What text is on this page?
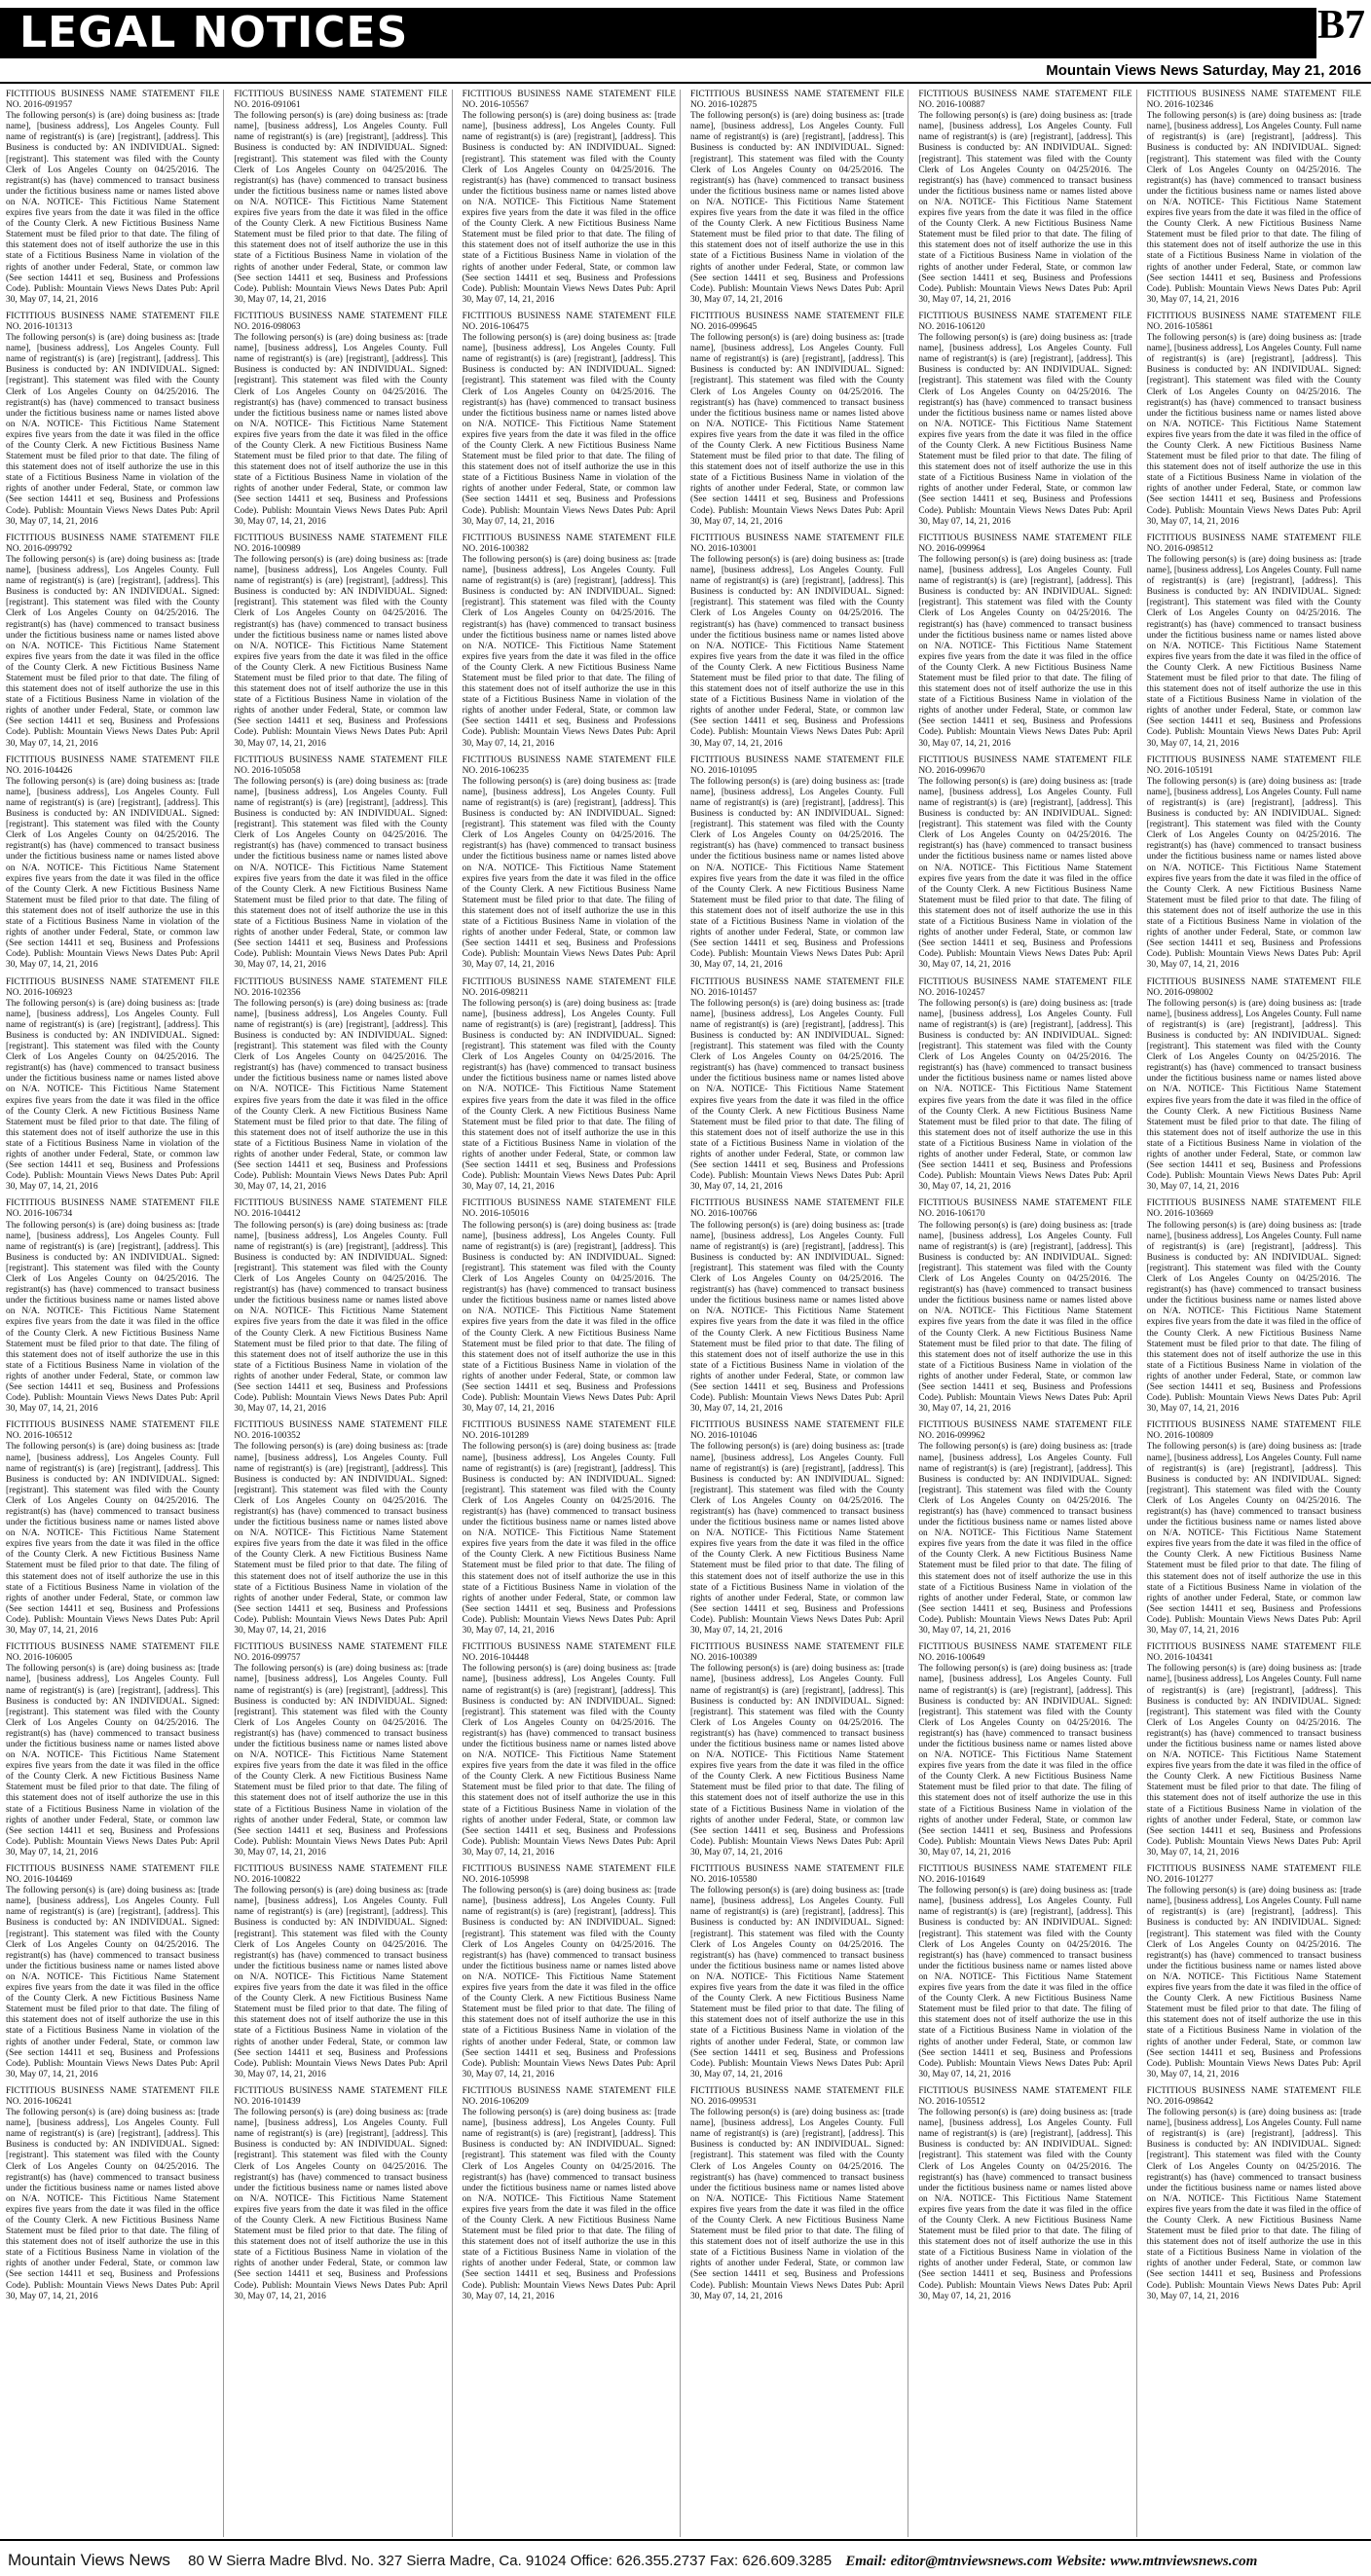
LEGAL NOTICES	B7
Mountain Views News Saturday, May 21, 2016

FICTITIOUS BUSINESS NAME STATEMENT FILE NO. 2016-091957

The following person(s) is (are) doing business as: [trade name], [business address], Los Angeles County. Full name of registrant(s) is (are) [registrant], [address]. This Business is conducted by: AN INDIVIDUAL. Signed: [registrant]. This statement was filed with the County Clerk of Los Angeles County on 04/25/2016. The registrant(s) has (have) commenced to transact business under the fictitious business name or names listed above on N/A. NOTICE- This Fictitious Name Statement expires five years from the date it was filed in the office of the County Clerk. A new Fictitious Business Name Statement must be filed prior to that date. The filing of this statement does not of itself authorize the use in this state of a Fictitious Business Name in violation of the rights of another under Federal, State, or common law (See section 14411 et seq, Business and Professions Code). Publish: Mountain Views News Dates Pub: April 30, May 07, 14, 21, 2016

FICTITIOUS BUSINESS NAME STATEMENT FILE NO. 2016-101313

The following person(s) is (are) doing business as: [trade name], [business address], Los Angeles County. Full name of registrant(s) is (are) [registrant], [address]. This Business is conducted by: AN INDIVIDUAL. Signed: [registrant]. This statement was filed with the County Clerk of Los Angeles County on 04/25/2016. The registrant(s) has (have) commenced to transact business under the fictitious business name or names listed above on N/A. NOTICE- This Fictitious Name Statement expires five years from the date it was filed in the office of the County Clerk. A new Fictitious Business Name Statement must be filed prior to that date. The filing of this statement does not of itself authorize the use in this state of a Fictitious Business Name in violation of the rights of another under Federal, State, or common law (See section 14411 et seq, Business and Professions Code). Publish: Mountain Views News Dates Pub: April 30, May 07, 14, 21, 2016

FICTITIOUS BUSINESS NAME STATEMENT FILE NO. 2016-099792

The following person(s) is (are) doing business as: [trade name], [business address], Los Angeles County. Full name of registrant(s) is (are) [registrant], [address]. This Business is conducted by: AN INDIVIDUAL. Signed: [registrant]. This statement was filed with the County Clerk of Los Angeles County on 04/25/2016. The registrant(s) has (have) commenced to transact business under the fictitious business name or names listed above on N/A. NOTICE- This Fictitious Name Statement expires five years from the date it was filed in the office of the County Clerk. A new Fictitious Business Name Statement must be filed prior to that date. The filing of this statement does not of itself authorize the use in this state of a Fictitious Business Name in violation of the rights of another under Federal, State, or common law (See section 14411 et seq, Business and Professions Code). Publish: Mountain Views News Dates Pub: April 30, May 07, 14, 21, 2016

FICTITIOUS BUSINESS NAME STATEMENT FILE NO. 2016-104426

The following person(s) is (are) doing business as: [trade name], [business address], Los Angeles County. Full name of registrant(s) is (are) [registrant], [address]. This Business is conducted by: AN INDIVIDUAL. Signed: [registrant]. This statement was filed with the County Clerk of Los Angeles County on 04/25/2016. The registrant(s) has (have) commenced to transact business under the fictitious business name or names listed above on N/A. NOTICE- This Fictitious Name Statement expires five years from the date it was filed in the office of the County Clerk. A new Fictitious Business Name Statement must be filed prior to that date. The filing of this statement does not of itself authorize the use in this state of a Fictitious Business Name in violation of the rights of another under Federal, State, or common law (See section 14411 et seq, Business and Professions Code). Publish: Mountain Views News Dates Pub: April 30, May 07, 14, 21, 2016

FICTITIOUS BUSINESS NAME STATEMENT FILE NO. 2016-106923

The following person(s) is (are) doing business as: [trade name], [business address], Los Angeles County. Full name of registrant(s) is (are) [registrant], [address]. This Business is conducted by: AN INDIVIDUAL. Signed: [registrant]. This statement was filed with the County Clerk of Los Angeles County on 04/25/2016. The registrant(s) has (have) commenced to transact business under the fictitious business name or names listed above on N/A. NOTICE- This Fictitious Name Statement expires five years from the date it was filed in the office of the County Clerk. A new Fictitious Business Name Statement must be filed prior to that date. The filing of this statement does not of itself authorize the use in this state of a Fictitious Business Name in violation of the rights of another under Federal, State, or common law (See section 14411 et seq, Business and Professions Code). Publish: Mountain Views News Dates Pub: April 30, May 07, 14, 21, 2016

FICTITIOUS BUSINESS NAME STATEMENT FILE NO. 2016-106734

The following person(s) is (are) doing business as: [trade name], [business address], Los Angeles County. Full name of registrant(s) is (are) [registrant], [address]. This Business is conducted by: AN INDIVIDUAL. Signed: [registrant]. This statement was filed with the County Clerk of Los Angeles County on 04/25/2016. The registrant(s) has (have) commenced to transact business under the fictitious business name or names listed above on N/A. NOTICE- This Fictitious Name Statement expires five years from the date it was filed in the office of the County Clerk. A new Fictitious Business Name Statement must be filed prior to that date. The filing of this statement does not of itself authorize the use in this state of a Fictitious Business Name in violation of the rights of another under Federal, State, or common law (See section 14411 et seq, Business and Professions Code). Publish: Mountain Views News Dates Pub: April 30, May 07, 14, 21, 2016

FICTITIOUS BUSINESS NAME STATEMENT FILE NO. 2016-106512

The following person(s) is (are) doing business as: [trade name], [business address], Los Angeles County. Full name of registrant(s) is (are) [registrant], [address]. This Business is conducted by: AN INDIVIDUAL. Signed: [registrant]. This statement was filed with the County Clerk of Los Angeles County on 04/25/2016. The registrant(s) has (have) commenced to transact business under the fictitious business name or names listed above on N/A. NOTICE- This Fictitious Name Statement expires five years from the date it was filed in the office of the County Clerk. A new Fictitious Business Name Statement must be filed prior to that date. The filing of this statement does not of itself authorize the use in this state of a Fictitious Business Name in violation of the rights of another under Federal, State, or common law (See section 14411 et seq, Business and Professions Code). Publish: Mountain Views News Dates Pub: April 30, May 07, 14, 21, 2016

FICTITIOUS BUSINESS NAME STATEMENT FILE NO. 2016-106005

The following person(s) is (are) doing business as: [trade name], [business address], Los Angeles County. Full name of registrant(s) is (are) [registrant], [address]. This Business is conducted by: AN INDIVIDUAL. Signed: [registrant]. This statement was filed with the County Clerk of Los Angeles County on 04/25/2016. The registrant(s) has (have) commenced to transact business under the fictitious business name or names listed above on N/A. NOTICE- This Fictitious Name Statement expires five years from the date it was filed in the office of the County Clerk. A new Fictitious Business Name Statement must be filed prior to that date. The filing of this statement does not of itself authorize the use in this state of a Fictitious Business Name in violation of the rights of another under Federal, State, or common law (See section 14411 et seq, Business and Professions Code). Publish: Mountain Views News Dates Pub: April 30, May 07, 14, 21, 2016

FICTITIOUS BUSINESS NAME STATEMENT FILE NO. 2016-104469

The following person(s) is (are) doing business as: [trade name], [business address], Los Angeles County. Full name of registrant(s) is (are) [registrant], [address]. This Business is conducted by: AN INDIVIDUAL. Signed: [registrant]. This statement was filed with the County Clerk of Los Angeles County on 04/25/2016. The registrant(s) has (have) commenced to transact business under the fictitious business name or names listed above on N/A. NOTICE- This Fictitious Name Statement expires five years from the date it was filed in the office of the County Clerk. A new Fictitious Business Name Statement must be filed prior to that date. The filing of this statement does not of itself authorize the use in this state of a Fictitious Business Name in violation of the rights of another under Federal, State, or common law (See section 14411 et seq, Business and Professions Code). Publish: Mountain Views News Dates Pub: April 30, May 07, 14, 21, 2016

FICTITIOUS BUSINESS NAME STATEMENT FILE NO. 2016-106241

The following person(s) is (are) doing business as: [trade name], [business address], Los Angeles County. Full name of registrant(s) is (are) [registrant], [address]. This Business is conducted by: AN INDIVIDUAL. Signed: [registrant]. This statement was filed with the County Clerk of Los Angeles County on 04/25/2016. The registrant(s) has (have) commenced to transact business under the fictitious business name or names listed above on N/A. NOTICE- This Fictitious Name Statement expires five years from the date it was filed in the office of the County Clerk. A new Fictitious Business Name Statement must be filed prior to that date. The filing of this statement does not of itself authorize the use in this state of a Fictitious Business Name in violation of the rights of another under Federal, State, or common law (See section 14411 et seq, Business and Professions Code). Publish: Mountain Views News Dates Pub: April 30, May 07, 14, 21, 2016

FICTITIOUS BUSINESS NAME STATEMENT FILE NO. 2016-091061

The following person(s) is (are) doing business as: [trade name], [business address], Los Angeles County. Full name of registrant(s) is (are) [registrant], [address]. This Business is conducted by: AN INDIVIDUAL. Signed: [registrant]. This statement was filed with the County Clerk of Los Angeles County on 04/25/2016. The registrant(s) has (have) commenced to transact business under the fictitious business name or names listed above on N/A. NOTICE- This Fictitious Name Statement expires five years from the date it was filed in the office of the County Clerk. A new Fictitious Business Name Statement must be filed prior to that date. The filing of this statement does not of itself authorize the use in this state of a Fictitious Business Name in violation of the rights of another under Federal, State, or common law (See section 14411 et seq, Business and Professions Code). Publish: Mountain Views News Dates Pub: April 30, May 07, 14, 21, 2016

FICTITIOUS BUSINESS NAME STATEMENT FILE NO. 2016-098063

The following person(s) is (are) doing business as: [trade name], [business address], Los Angeles County. Full name of registrant(s) is (are) [registrant], [address]. This Business is conducted by: AN INDIVIDUAL. Signed: [registrant]. This statement was filed with the County Clerk of Los Angeles County on 04/25/2016. The registrant(s) has (have) commenced to transact business under the fictitious business name or names listed above on N/A. NOTICE- This Fictitious Name Statement expires five years from the date it was filed in the office of the County Clerk. A new Fictitious Business Name Statement must be filed prior to that date. The filing of this statement does not of itself authorize the use in this state of a Fictitious Business Name in violation of the rights of another under Federal, State, or common law (See section 14411 et seq, Business and Professions Code). Publish: Mountain Views News Dates Pub: April 30, May 07, 14, 21, 2016

FICTITIOUS BUSINESS NAME STATEMENT FILE NO. 2016-100989

The following person(s) is (are) doing business as: [trade name], [business address], Los Angeles County. Full name of registrant(s) is (are) [registrant], [address]. This Business is conducted by: AN INDIVIDUAL. Signed: [registrant]. This statement was filed with the County Clerk of Los Angeles County on 04/25/2016. The registrant(s) has (have) commenced to transact business under the fictitious business name or names listed above on N/A. NOTICE- This Fictitious Name Statement expires five years from the date it was filed in the office of the County Clerk. A new Fictitious Business Name Statement must be filed prior to that date. The filing of this statement does not of itself authorize the use in this state of a Fictitious Business Name in violation of the rights of another under Federal, State, or common law (See section 14411 et seq, Business and Professions Code). Publish: Mountain Views News Dates Pub: April 30, May 07, 14, 21, 2016

FICTITIOUS BUSINESS NAME STATEMENT FILE NO. 2016-105058

The following person(s) is (are) doing business as: [trade name], [business address], Los Angeles County. Full name of registrant(s) is (are) [registrant], [address]. This Business is conducted by: AN INDIVIDUAL. Signed: [registrant]. This statement was filed with the County Clerk of Los Angeles County on 04/25/2016. The registrant(s) has (have) commenced to transact business under the fictitious business name or names listed above on N/A. NOTICE- This Fictitious Name Statement expires five years from the date it was filed in the office of the County Clerk. A new Fictitious Business Name Statement must be filed prior to that date. The filing of this statement does not of itself authorize the use in this state of a Fictitious Business Name in violation of the rights of another under Federal, State, or common law (See section 14411 et seq, Business and Professions Code). Publish: Mountain Views News Dates Pub: April 30, May 07, 14, 21, 2016

FICTITIOUS BUSINESS NAME STATEMENT FILE NO. 2016-102356

The following person(s) is (are) doing business as: [trade name], [business address], Los Angeles County. Full name of registrant(s) is (are) [registrant], [address]. This Business is conducted by: AN INDIVIDUAL. Signed: [registrant]. This statement was filed with the County Clerk of Los Angeles County on 04/25/2016. The registrant(s) has (have) commenced to transact business under the fictitious business name or names listed above on N/A. NOTICE- This Fictitious Name Statement expires five years from the date it was filed in the office of the County Clerk. A new Fictitious Business Name Statement must be filed prior to that date. The filing of this statement does not of itself authorize the use in this state of a Fictitious Business Name in violation of the rights of another under Federal, State, or common law (See section 14411 et seq, Business and Professions Code). Publish: Mountain Views News Dates Pub: April 30, May 07, 14, 21, 2016

FICTITIOUS BUSINESS NAME STATEMENT FILE NO. 2016-104412

The following person(s) is (are) doing business as: [trade name], [business address], Los Angeles County. Full name of registrant(s) is (are) [registrant], [address]. This Business is conducted by: AN INDIVIDUAL. Signed: [registrant]. This statement was filed with the County Clerk of Los Angeles County on 04/25/2016. The registrant(s) has (have) commenced to transact business under the fictitious business name or names listed above on N/A. NOTICE- This Fictitious Name Statement expires five years from the date it was filed in the office of the County Clerk. A new Fictitious Business Name Statement must be filed prior to that date. The filing of this statement does not of itself authorize the use in this state of a Fictitious Business Name in violation of the rights of another under Federal, State, or common law (See section 14411 et seq, Business and Professions Code). Publish: Mountain Views News Dates Pub: April 30, May 07, 14, 21, 2016

FICTITIOUS BUSINESS NAME STATEMENT FILE NO. 2016-100352

The following person(s) is (are) doing business as: [trade name], [business address], Los Angeles County. Full name of registrant(s) is (are) [registrant], [address]. This Business is conducted by: AN INDIVIDUAL. Signed: [registrant]. This statement was filed with the County Clerk of Los Angeles County on 04/25/2016. The registrant(s) has (have) commenced to transact business under the fictitious business name or names listed above on N/A. NOTICE- This Fictitious Name Statement expires five years from the date it was filed in the office of the County Clerk. A new Fictitious Business Name Statement must be filed prior to that date. The filing of this statement does not of itself authorize the use in this state of a Fictitious Business Name in violation of the rights of another under Federal, State, or common law (See section 14411 et seq, Business and Professions Code). Publish: Mountain Views News Dates Pub: April 30, May 07, 14, 21, 2016

FICTITIOUS BUSINESS NAME STATEMENT FILE NO. 2016-099757

The following person(s) is (are) doing business as: [trade name], [business address], Los Angeles County. Full name of registrant(s) is (are) [registrant], [address]. This Business is conducted by: AN INDIVIDUAL. Signed: [registrant]. This statement was filed with the County Clerk of Los Angeles County on 04/25/2016. The registrant(s) has (have) commenced to transact business under the fictitious business name or names listed above on N/A. NOTICE- This Fictitious Name Statement expires five years from the date it was filed in the office of the County Clerk. A new Fictitious Business Name Statement must be filed prior to that date. The filing of this statement does not of itself authorize the use in this state of a Fictitious Business Name in violation of the rights of another under Federal, State, or common law (See section 14411 et seq, Business and Professions Code). Publish: Mountain Views News Dates Pub: April 30, May 07, 14, 21, 2016

FICTITIOUS BUSINESS NAME STATEMENT FILE NO. 2016-100822

The following person(s) is (are) doing business as: [trade name], [business address], Los Angeles County. Full name of registrant(s) is (are) [registrant], [address]. This Business is conducted by: AN INDIVIDUAL. Signed: [registrant]. This statement was filed with the County Clerk of Los Angeles County on 04/25/2016. The registrant(s) has (have) commenced to transact business under the fictitious business name or names listed above on N/A. NOTICE- This Fictitious Name Statement expires five years from the date it was filed in the office of the County Clerk. A new Fictitious Business Name Statement must be filed prior to that date. The filing of this statement does not of itself authorize the use in this state of a Fictitious Business Name in violation of the rights of another under Federal, State, or common law (See section 14411 et seq, Business and Professions Code). Publish: Mountain Views News Dates Pub: April 30, May 07, 14, 21, 2016

FICTITIOUS BUSINESS NAME STATEMENT FILE NO. 2016-101439

The following person(s) is (are) doing business as: [trade name], [business address], Los Angeles County. Full name of registrant(s) is (are) [registrant], [address]. This Business is conducted by: AN INDIVIDUAL. Signed: [registrant]. This statement was filed with the County Clerk of Los Angeles County on 04/25/2016. The registrant(s) has (have) commenced to transact business under the fictitious business name or names listed above on N/A. NOTICE- This Fictitious Name Statement expires five years from the date it was filed in the office of the County Clerk. A new Fictitious Business Name Statement must be filed prior to that date. The filing of this statement does not of itself authorize the use in this state of a Fictitious Business Name in violation of the rights of another under Federal, State, or common law (See section 14411 et seq, Business and Professions Code). Publish: Mountain Views News Dates Pub: April 30, May 07, 14, 21, 2016

FICTITIOUS BUSINESS NAME STATEMENT FILE NO. 2016-105567

The following person(s) is (are) doing business as: [trade name], [business address], Los Angeles County. Full name of registrant(s) is (are) [registrant], [address]. This Business is conducted by: AN INDIVIDUAL. Signed: [registrant]. This statement was filed with the County Clerk of Los Angeles County on 04/25/2016. The registrant(s) has (have) commenced to transact business under the fictitious business name or names listed above on N/A. NOTICE- This Fictitious Name Statement expires five years from the date it was filed in the office of the County Clerk. A new Fictitious Business Name Statement must be filed prior to that date. The filing of this statement does not of itself authorize the use in this state of a Fictitious Business Name in violation of the rights of another under Federal, State, or common law (See section 14411 et seq, Business and Professions Code). Publish: Mountain Views News Dates Pub: April 30, May 07, 14, 21, 2016

FICTITIOUS BUSINESS NAME STATEMENT FILE NO. 2016-106475

The following person(s) is (are) doing business as: [trade name], [business address], Los Angeles County. Full name of registrant(s) is (are) [registrant], [address]. This Business is conducted by: AN INDIVIDUAL. Signed: [registrant]. This statement was filed with the County Clerk of Los Angeles County on 04/25/2016. The registrant(s) has (have) commenced to transact business under the fictitious business name or names listed above on N/A. NOTICE- This Fictitious Name Statement expires five years from the date it was filed in the office of the County Clerk. A new Fictitious Business Name Statement must be filed prior to that date. The filing of this statement does not of itself authorize the use in this state of a Fictitious Business Name in violation of the rights of another under Federal, State, or common law (See section 14411 et seq, Business and Professions Code). Publish: Mountain Views News Dates Pub: April 30, May 07, 14, 21, 2016

FICTITIOUS BUSINESS NAME STATEMENT FILE NO. 2016-100382

The following person(s) is (are) doing business as: [trade name], [business address], Los Angeles County. Full name of registrant(s) is (are) [registrant], [address]. This Business is conducted by: AN INDIVIDUAL. Signed: [registrant]. This statement was filed with the County Clerk of Los Angeles County on 04/25/2016. The registrant(s) has (have) commenced to transact business under the fictitious business name or names listed above on N/A. NOTICE- This Fictitious Name Statement expires five years from the date it was filed in the office of the County Clerk. A new Fictitious Business Name Statement must be filed prior to that date. The filing of this statement does not of itself authorize the use in this state of a Fictitious Business Name in violation of the rights of another under Federal, State, or common law (See section 14411 et seq, Business and Professions Code). Publish: Mountain Views News Dates Pub: April 30, May 07, 14, 21, 2016

FICTITIOUS BUSINESS NAME STATEMENT FILE NO. 2016-106235

The following person(s) is (are) doing business as: [trade name], [business address], Los Angeles County. Full name of registrant(s) is (are) [registrant], [address]. This Business is conducted by: AN INDIVIDUAL. Signed: [registrant]. This statement was filed with the County Clerk of Los Angeles County on 04/25/2016. The registrant(s) has (have) commenced to transact business under the fictitious business name or names listed above on N/A. NOTICE- This Fictitious Name Statement expires five years from the date it was filed in the office of the County Clerk. A new Fictitious Business Name Statement must be filed prior to that date. The filing of this statement does not of itself authorize the use in this state of a Fictitious Business Name in violation of the rights of another under Federal, State, or common law (See section 14411 et seq, Business and Professions Code). Publish: Mountain Views News Dates Pub: April 30, May 07, 14, 21, 2016

FICTITIOUS BUSINESS NAME STATEMENT FILE NO. 2016-098211

The following person(s) is (are) doing business as: [trade name], [business address], Los Angeles County. Full name of registrant(s) is (are) [registrant], [address]. This Business is conducted by: AN INDIVIDUAL. Signed: [registrant]. This statement was filed with the County Clerk of Los Angeles County on 04/25/2016. The registrant(s) has (have) commenced to transact business under the fictitious business name or names listed above on N/A. NOTICE- This Fictitious Name Statement expires five years from the date it was filed in the office of the County Clerk. A new Fictitious Business Name Statement must be filed prior to that date. The filing of this statement does not of itself authorize the use in this state of a Fictitious Business Name in violation of the rights of another under Federal, State, or common law (See section 14411 et seq, Business and Professions Code). Publish: Mountain Views News Dates Pub: April 30, May 07, 14, 21, 2016

FICTITIOUS BUSINESS NAME STATEMENT FILE NO. 2016-105016

The following person(s) is (are) doing business as: [trade name], [business address], Los Angeles County. Full name of registrant(s) is (are) [registrant], [address]. This Business is conducted by: AN INDIVIDUAL. Signed: [registrant]. This statement was filed with the County Clerk of Los Angeles County on 04/25/2016. The registrant(s) has (have) commenced to transact business under the fictitious business name or names listed above on N/A. NOTICE- This Fictitious Name Statement expires five years from the date it was filed in the office of the County Clerk. A new Fictitious Business Name Statement must be filed prior to that date. The filing of this statement does not of itself authorize the use in this state of a Fictitious Business Name in violation of the rights of another under Federal, State, or common law (See section 14411 et seq, Business and Professions Code). Publish: Mountain Views News Dates Pub: April 30, May 07, 14, 21, 2016

FICTITIOUS BUSINESS NAME STATEMENT FILE NO. 2016-101289

The following person(s) is (are) doing business as: [trade name], [business address], Los Angeles County. Full name of registrant(s) is (are) [registrant], [address]. This Business is conducted by: AN INDIVIDUAL. Signed: [registrant]. This statement was filed with the County Clerk of Los Angeles County on 04/25/2016. The registrant(s) has (have) commenced to transact business under the fictitious business name or names listed above on N/A. NOTICE- This Fictitious Name Statement expires five years from the date it was filed in the office of the County Clerk. A new Fictitious Business Name Statement must be filed prior to that date. The filing of this statement does not of itself authorize the use in this state of a Fictitious Business Name in violation of the rights of another under Federal, State, or common law (See section 14411 et seq, Business and Professions Code). Publish: Mountain Views News Dates Pub: April 30, May 07, 14, 21, 2016

FICTITIOUS BUSINESS NAME STATEMENT FILE NO. 2016-104448

The following person(s) is (are) doing business as: [trade name], [business address], Los Angeles County. Full name of registrant(s) is (are) [registrant], [address]. This Business is conducted by: AN INDIVIDUAL. Signed: [registrant]. This statement was filed with the County Clerk of Los Angeles County on 04/25/2016. The registrant(s) has (have) commenced to transact business under the fictitious business name or names listed above on N/A. NOTICE- This Fictitious Name Statement expires five years from the date it was filed in the office of the County Clerk. A new Fictitious Business Name Statement must be filed prior to that date. The filing of this statement does not of itself authorize the use in this state of a Fictitious Business Name in violation of the rights of another under Federal, State, or common law (See section 14411 et seq, Business and Professions Code). Publish: Mountain Views News Dates Pub: April 30, May 07, 14, 21, 2016

FICTITIOUS BUSINESS NAME STATEMENT FILE NO. 2016-105998

The following person(s) is (are) doing business as: [trade name], [business address], Los Angeles County. Full name of registrant(s) is (are) [registrant], [address]. This Business is conducted by: AN INDIVIDUAL. Signed: [registrant]. This statement was filed with the County Clerk of Los Angeles County on 04/25/2016. The registrant(s) has (have) commenced to transact business under the fictitious business name or names listed above on N/A. NOTICE- This Fictitious Name Statement expires five years from the date it was filed in the office of the County Clerk. A new Fictitious Business Name Statement must be filed prior to that date. The filing of this statement does not of itself authorize the use in this state of a Fictitious Business Name in violation of the rights of another under Federal, State, or common law (See section 14411 et seq, Business and Professions Code). Publish: Mountain Views News Dates Pub: April 30, May 07, 14, 21, 2016

FICTITIOUS BUSINESS NAME STATEMENT FILE NO. 2016-106209

The following person(s) is (are) doing business as: [trade name], [business address], Los Angeles County. Full name of registrant(s) is (are) [registrant], [address]. This Business is conducted by: AN INDIVIDUAL. Signed: [registrant]. This statement was filed with the County Clerk of Los Angeles County on 04/25/2016. The registrant(s) has (have) commenced to transact business under the fictitious business name or names listed above on N/A. NOTICE- This Fictitious Name Statement expires five years from the date it was filed in the office of the County Clerk. A new Fictitious Business Name Statement must be filed prior to that date. The filing of this statement does not of itself authorize the use in this state of a Fictitious Business Name in violation of the rights of another under Federal, State, or common law (See section 14411 et seq, Business and Professions Code). Publish: Mountain Views News Dates Pub: April 30, May 07, 14, 21, 2016

FICTITIOUS BUSINESS NAME STATEMENT FILE NO. 2016-102875

The following person(s) is (are) doing business as: [trade name], [business address], Los Angeles County. Full name of registrant(s) is (are) [registrant], [address]. This Business is conducted by: AN INDIVIDUAL. Signed: [registrant]. This statement was filed with the County Clerk of Los Angeles County on 04/25/2016. The registrant(s) has (have) commenced to transact business under the fictitious business name or names listed above on N/A. NOTICE- This Fictitious Name Statement expires five years from the date it was filed in the office of the County Clerk. A new Fictitious Business Name Statement must be filed prior to that date. The filing of this statement does not of itself authorize the use in this state of a Fictitious Business Name in violation of the rights of another under Federal, State, or common law (See section 14411 et seq, Business and Professions Code). Publish: Mountain Views News Dates Pub: April 30, May 07, 14, 21, 2016

FICTITIOUS BUSINESS NAME STATEMENT FILE NO. 2016-099645

The following person(s) is (are) doing business as: [trade name], [business address], Los Angeles County. Full name of registrant(s) is (are) [registrant], [address]. This Business is conducted by: AN INDIVIDUAL. Signed: [registrant]. This statement was filed with the County Clerk of Los Angeles County on 04/25/2016. The registrant(s) has (have) commenced to transact business under the fictitious business name or names listed above on N/A. NOTICE- This Fictitious Name Statement expires five years from the date it was filed in the office of the County Clerk. A new Fictitious Business Name Statement must be filed prior to that date. The filing of this statement does not of itself authorize the use in this state of a Fictitious Business Name in violation of the rights of another under Federal, State, or common law (See section 14411 et seq, Business and Professions Code). Publish: Mountain Views News Dates Pub: April 30, May 07, 14, 21, 2016

FICTITIOUS BUSINESS NAME STATEMENT FILE NO. 2016-103001

The following person(s) is (are) doing business as: [trade name], [business address], Los Angeles County. Full name of registrant(s) is (are) [registrant], [address]. This Business is conducted by: AN INDIVIDUAL. Signed: [registrant]. This statement was filed with the County Clerk of Los Angeles County on 04/25/2016. The registrant(s) has (have) commenced to transact business under the fictitious business name or names listed above on N/A. NOTICE- This Fictitious Name Statement expires five years from the date it was filed in the office of the County Clerk. A new Fictitious Business Name Statement must be filed prior to that date. The filing of this statement does not of itself authorize the use in this state of a Fictitious Business Name in violation of the rights of another under Federal, State, or common law (See section 14411 et seq, Business and Professions Code). Publish: Mountain Views News Dates Pub: April 30, May 07, 14, 21, 2016

FICTITIOUS BUSINESS NAME STATEMENT FILE NO. 2016-101095

The following person(s) is (are) doing business as: [trade name], [business address], Los Angeles County. Full name of registrant(s) is (are) [registrant], [address]. This Business is conducted by: AN INDIVIDUAL. Signed: [registrant]. This statement was filed with the County Clerk of Los Angeles County on 04/25/2016. The registrant(s) has (have) commenced to transact business under the fictitious business name or names listed above on N/A. NOTICE- This Fictitious Name Statement expires five years from the date it was filed in the office of the County Clerk. A new Fictitious Business Name Statement must be filed prior to that date. The filing of this statement does not of itself authorize the use in this state of a Fictitious Business Name in violation of the rights of another under Federal, State, or common law (See section 14411 et seq, Business and Professions Code). Publish: Mountain Views News Dates Pub: April 30, May 07, 14, 21, 2016

FICTITIOUS BUSINESS NAME STATEMENT FILE NO. 2016-101457

The following person(s) is (are) doing business as: [trade name], [business address], Los Angeles County. Full name of registrant(s) is (are) [registrant], [address]. This Business is conducted by: AN INDIVIDUAL. Signed: [registrant]. This statement was filed with the County Clerk of Los Angeles County on 04/25/2016. The registrant(s) has (have) commenced to transact business under the fictitious business name or names listed above on N/A. NOTICE- This Fictitious Name Statement expires five years from the date it was filed in the office of the County Clerk. A new Fictitious Business Name Statement must be filed prior to that date. The filing of this statement does not of itself authorize the use in this state of a Fictitious Business Name in violation of the rights of another under Federal, State, or common law (See section 14411 et seq, Business and Professions Code). Publish: Mountain Views News Dates Pub: April 30, May 07, 14, 21, 2016

FICTITIOUS BUSINESS NAME STATEMENT FILE NO. 2016-100766

The following person(s) is (are) doing business as: [trade name], [business address], Los Angeles County. Full name of registrant(s) is (are) [registrant], [address]. This Business is conducted by: AN INDIVIDUAL. Signed: [registrant]. This statement was filed with the County Clerk of Los Angeles County on 04/25/2016. The registrant(s) has (have) commenced to transact business under the fictitious business name or names listed above on N/A. NOTICE- This Fictitious Name Statement expires five years from the date it was filed in the office of the County Clerk. A new Fictitious Business Name Statement must be filed prior to that date. The filing of this statement does not of itself authorize the use in this state of a Fictitious Business Name in violation of the rights of another under Federal, State, or common law (See section 14411 et seq, Business and Professions Code). Publish: Mountain Views News Dates Pub: April 30, May 07, 14, 21, 2016

FICTITIOUS BUSINESS NAME STATEMENT FILE NO. 2016-101046

The following person(s) is (are) doing business as: [trade name], [business address], Los Angeles County. Full name of registrant(s) is (are) [registrant], [address]. This Business is conducted by: AN INDIVIDUAL. Signed: [registrant]. This statement was filed with the County Clerk of Los Angeles County on 04/25/2016. The registrant(s) has (have) commenced to transact business under the fictitious business name or names listed above on N/A. NOTICE- This Fictitious Name Statement expires five years from the date it was filed in the office of the County Clerk. A new Fictitious Business Name Statement must be filed prior to that date. The filing of this statement does not of itself authorize the use in this state of a Fictitious Business Name in violation of the rights of another under Federal, State, or common law (See section 14411 et seq, Business and Professions Code). Publish: Mountain Views News Dates Pub: April 30, May 07, 14, 21, 2016

FICTITIOUS BUSINESS NAME STATEMENT FILE NO. 2016-100389

The following person(s) is (are) doing business as: [trade name], [business address], Los Angeles County. Full name of registrant(s) is (are) [registrant], [address]. This Business is conducted by: AN INDIVIDUAL. Signed: [registrant]. This statement was filed with the County Clerk of Los Angeles County on 04/25/2016. The registrant(s) has (have) commenced to transact business under the fictitious business name or names listed above on N/A. NOTICE- This Fictitious Name Statement expires five years from the date it was filed in the office of the County Clerk. A new Fictitious Business Name Statement must be filed prior to that date. The filing of this statement does not of itself authorize the use in this state of a Fictitious Business Name in violation of the rights of another under Federal, State, or common law (See section 14411 et seq, Business and Professions Code). Publish: Mountain Views News Dates Pub: April 30, May 07, 14, 21, 2016

FICTITIOUS BUSINESS NAME STATEMENT FILE NO. 2016-105580

The following person(s) is (are) doing business as: [trade name], [business address], Los Angeles County. Full name of registrant(s) is (are) [registrant], [address]. This Business is conducted by: AN INDIVIDUAL. Signed: [registrant]. This statement was filed with the County Clerk of Los Angeles County on 04/25/2016. The registrant(s) has (have) commenced to transact business under the fictitious business name or names listed above on N/A. NOTICE- This Fictitious Name Statement expires five years from the date it was filed in the office of the County Clerk. A new Fictitious Business Name Statement must be filed prior to that date. The filing of this statement does not of itself authorize the use in this state of a Fictitious Business Name in violation of the rights of another under Federal, State, or common law (See section 14411 et seq, Business and Professions Code). Publish: Mountain Views News Dates Pub: April 30, May 07, 14, 21, 2016

FICTITIOUS BUSINESS NAME STATEMENT FILE NO. 2016-099531

The following person(s) is (are) doing business as: [trade name], [business address], Los Angeles County. Full name of registrant(s) is (are) [registrant], [address]. This Business is conducted by: AN INDIVIDUAL. Signed: [registrant]. This statement was filed with the County Clerk of Los Angeles County on 04/25/2016. The registrant(s) has (have) commenced to transact business under the fictitious business name or names listed above on N/A. NOTICE- This Fictitious Name Statement expires five years from the date it was filed in the office of the County Clerk. A new Fictitious Business Name Statement must be filed prior to that date. The filing of this statement does not of itself authorize the use in this state of a Fictitious Business Name in violation of the rights of another under Federal, State, or common law (See section 14411 et seq, Business and Professions Code). Publish: Mountain Views News Dates Pub: April 30, May 07, 14, 21, 2016

FICTITIOUS BUSINESS NAME STATEMENT FILE NO. 2016-100887

The following person(s) is (are) doing business as: [trade name], [business address], Los Angeles County. Full name of registrant(s) is (are) [registrant], [address]. This Business is conducted by: AN INDIVIDUAL. Signed: [registrant]. This statement was filed with the County Clerk of Los Angeles County on 04/25/2016. The registrant(s) has (have) commenced to transact business under the fictitious business name or names listed above on N/A. NOTICE- This Fictitious Name Statement expires five years from the date it was filed in the office of the County Clerk. A new Fictitious Business Name Statement must be filed prior to that date. The filing of this statement does not of itself authorize the use in this state of a Fictitious Business Name in violation of the rights of another under Federal, State, or common law (See section 14411 et seq, Business and Professions Code). Publish: Mountain Views News Dates Pub: April 30, May 07, 14, 21, 2016

FICTITIOUS BUSINESS NAME STATEMENT FILE NO. 2016-106120

The following person(s) is (are) doing business as: [trade name], [business address], Los Angeles County. Full name of registrant(s) is (are) [registrant], [address]. This Business is conducted by: AN INDIVIDUAL. Signed: [registrant]. This statement was filed with the County Clerk of Los Angeles County on 04/25/2016. The registrant(s) has (have) commenced to transact business under the fictitious business name or names listed above on N/A. NOTICE- This Fictitious Name Statement expires five years from the date it was filed in the office of the County Clerk. A new Fictitious Business Name Statement must be filed prior to that date. The filing of this statement does not of itself authorize the use in this state of a Fictitious Business Name in violation of the rights of another under Federal, State, or common law (See section 14411 et seq, Business and Professions Code). Publish: Mountain Views News Dates Pub: April 30, May 07, 14, 21, 2016

FICTITIOUS BUSINESS NAME STATEMENT FILE NO. 2016-099964

The following person(s) is (are) doing business as: [trade name], [business address], Los Angeles County. Full name of registrant(s) is (are) [registrant], [address]. This Business is conducted by: AN INDIVIDUAL. Signed: [registrant]. This statement was filed with the County Clerk of Los Angeles County on 04/25/2016. The registrant(s) has (have) commenced to transact business under the fictitious business name or names listed above on N/A. NOTICE- This Fictitious Name Statement expires five years from the date it was filed in the office of the County Clerk. A new Fictitious Business Name Statement must be filed prior to that date. The filing of this statement does not of itself authorize the use in this state of a Fictitious Business Name in violation of the rights of another under Federal, State, or common law (See section 14411 et seq, Business and Professions Code). Publish: Mountain Views News Dates Pub: April 30, May 07, 14, 21, 2016

FICTITIOUS BUSINESS NAME STATEMENT FILE NO. 2016-099670

The following person(s) is (are) doing business as: [trade name], [business address], Los Angeles County. Full name of registrant(s) is (are) [registrant], [address]. This Business is conducted by: AN INDIVIDUAL. Signed: [registrant]. This statement was filed with the County Clerk of Los Angeles County on 04/25/2016. The registrant(s) has (have) commenced to transact business under the fictitious business name or names listed above on N/A. NOTICE- This Fictitious Name Statement expires five years from the date it was filed in the office of the County Clerk. A new Fictitious Business Name Statement must be filed prior to that date. The filing of this statement does not of itself authorize the use in this state of a Fictitious Business Name in violation of the rights of another under Federal, State, or common law (See section 14411 et seq, Business and Professions Code). Publish: Mountain Views News Dates Pub: April 30, May 07, 14, 21, 2016

FICTITIOUS BUSINESS NAME STATEMENT FILE NO. 2016-102457

The following person(s) is (are) doing business as: [trade name], [business address], Los Angeles County. Full name of registrant(s) is (are) [registrant], [address]. This Business is conducted by: AN INDIVIDUAL. Signed: [registrant]. This statement was filed with the County Clerk of Los Angeles County on 04/25/2016. The registrant(s) has (have) commenced to transact business under the fictitious business name or names listed above on N/A. NOTICE- This Fictitious Name Statement expires five years from the date it was filed in the office of the County Clerk. A new Fictitious Business Name Statement must be filed prior to that date. The filing of this statement does not of itself authorize the use in this state of a Fictitious Business Name in violation of the rights of another under Federal, State, or common law (See section 14411 et seq, Business and Professions Code). Publish: Mountain Views News Dates Pub: April 30, May 07, 14, 21, 2016

FICTITIOUS BUSINESS NAME STATEMENT FILE NO. 2016-106170

The following person(s) is (are) doing business as: [trade name], [business address], Los Angeles County. Full name of registrant(s) is (are) [registrant], [address]. This Business is conducted by: AN INDIVIDUAL. Signed: [registrant]. This statement was filed with the County Clerk of Los Angeles County on 04/25/2016. The registrant(s) has (have) commenced to transact business under the fictitious business name or names listed above on N/A. NOTICE- This Fictitious Name Statement expires five years from the date it was filed in the office of the County Clerk. A new Fictitious Business Name Statement must be filed prior to that date. The filing of this statement does not of itself authorize the use in this state of a Fictitious Business Name in violation of the rights of another under Federal, State, or common law (See section 14411 et seq, Business and Professions Code). Publish: Mountain Views News Dates Pub: April 30, May 07, 14, 21, 2016

FICTITIOUS BUSINESS NAME STATEMENT FILE NO. 2016-099962

The following person(s) is (are) doing business as: [trade name], [business address], Los Angeles County. Full name of registrant(s) is (are) [registrant], [address]. This Business is conducted by: AN INDIVIDUAL. Signed: [registrant]. This statement was filed with the County Clerk of Los Angeles County on 04/25/2016. The registrant(s) has (have) commenced to transact business under the fictitious business name or names listed above on N/A. NOTICE- This Fictitious Name Statement expires five years from the date it was filed in the office of the County Clerk. A new Fictitious Business Name Statement must be filed prior to that date. The filing of this statement does not of itself authorize the use in this state of a Fictitious Business Name in violation of the rights of another under Federal, State, or common law (See section 14411 et seq, Business and Professions Code). Publish: Mountain Views News Dates Pub: April 30, May 07, 14, 21, 2016

FICTITIOUS BUSINESS NAME STATEMENT FILE NO. 2016-100649

The following person(s) is (are) doing business as: [trade name], [business address], Los Angeles County. Full name of registrant(s) is (are) [registrant], [address]. This Business is conducted by: AN INDIVIDUAL. Signed: [registrant]. This statement was filed with the County Clerk of Los Angeles County on 04/25/2016. The registrant(s) has (have) commenced to transact business under the fictitious business name or names listed above on N/A. NOTICE- This Fictitious Name Statement expires five years from the date it was filed in the office of the County Clerk. A new Fictitious Business Name Statement must be filed prior to that date. The filing of this statement does not of itself authorize the use in this state of a Fictitious Business Name in violation of the rights of another under Federal, State, or common law (See section 14411 et seq, Business and Professions Code). Publish: Mountain Views News Dates Pub: April 30, May 07, 14, 21, 2016

FICTITIOUS BUSINESS NAME STATEMENT FILE NO. 2016-101649

The following person(s) is (are) doing business as: [trade name], [business address], Los Angeles County. Full name of registrant(s) is (are) [registrant], [address]. This Business is conducted by: AN INDIVIDUAL. Signed: [registrant]. This statement was filed with the County Clerk of Los Angeles County on 04/25/2016. The registrant(s) has (have) commenced to transact business under the fictitious business name or names listed above on N/A. NOTICE- This Fictitious Name Statement expires five years from the date it was filed in the office of the County Clerk. A new Fictitious Business Name Statement must be filed prior to that date. The filing of this statement does not of itself authorize the use in this state of a Fictitious Business Name in violation of the rights of another under Federal, State, or common law (See section 14411 et seq, Business and Professions Code). Publish: Mountain Views News Dates Pub: April 30, May 07, 14, 21, 2016

FICTITIOUS BUSINESS NAME STATEMENT FILE NO. 2016-105512

The following person(s) is (are) doing business as: [trade name], [business address], Los Angeles County. Full name of registrant(s) is (are) [registrant], [address]. This Business is conducted by: AN INDIVIDUAL. Signed: [registrant]. This statement was filed with the County Clerk of Los Angeles County on 04/25/2016. The registrant(s) has (have) commenced to transact business under the fictitious business name or names listed above on N/A. NOTICE- This Fictitious Name Statement expires five years from the date it was filed in the office of the County Clerk. A new Fictitious Business Name Statement must be filed prior to that date. The filing of this statement does not of itself authorize the use in this state of a Fictitious Business Name in violation of the rights of another under Federal, State, or common law (See section 14411 et seq, Business and Professions Code). Publish: Mountain Views News Dates Pub: April 30, May 07, 14, 21, 2016

FICTITIOUS BUSINESS NAME STATEMENT FILE NO. 2016-102346

The following person(s) is (are) doing business as: [trade name], [business address], Los Angeles County. Full name of registrant(s) is (are) [registrant], [address]. This Business is conducted by: AN INDIVIDUAL. Signed: [registrant]. This statement was filed with the County Clerk of Los Angeles County on 04/25/2016. The registrant(s) has (have) commenced to transact business under the fictitious business name or names listed above on N/A. NOTICE- This Fictitious Name Statement expires five years from the date it was filed in the office of the County Clerk. A new Fictitious Business Name Statement must be filed prior to that date. The filing of this statement does not of itself authorize the use in this state of a Fictitious Business Name in violation of the rights of another under Federal, State, or common law (See section 14411 et seq, Business and Professions Code). Publish: Mountain Views News Dates Pub: April 30, May 07, 14, 21, 2016

FICTITIOUS BUSINESS NAME STATEMENT FILE NO. 2016-105861

The following person(s) is (are) doing business as: [trade name], [business address], Los Angeles County. Full name of registrant(s) is (are) [registrant], [address]. This Business is conducted by: AN INDIVIDUAL. Signed: [registrant]. This statement was filed with the County Clerk of Los Angeles County on 04/25/2016. The registrant(s) has (have) commenced to transact business under the fictitious business name or names listed above on N/A. NOTICE- This Fictitious Name Statement expires five years from the date it was filed in the office of the County Clerk. A new Fictitious Business Name Statement must be filed prior to that date. The filing of this statement does not of itself authorize the use in this state of a Fictitious Business Name in violation of the rights of another under Federal, State, or common law (See section 14411 et seq, Business and Professions Code). Publish: Mountain Views News Dates Pub: April 30, May 07, 14, 21, 2016

FICTITIOUS BUSINESS NAME STATEMENT FILE NO. 2016-098512

The following person(s) is (are) doing business as: [trade name], [business address], Los Angeles County. Full name of registrant(s) is (are) [registrant], [address]. This Business is conducted by: AN INDIVIDUAL. Signed: [registrant]. This statement was filed with the County Clerk of Los Angeles County on 04/25/2016. The registrant(s) has (have) commenced to transact business under the fictitious business name or names listed above on N/A. NOTICE- This Fictitious Name Statement expires five years from the date it was filed in the office of the County Clerk. A new Fictitious Business Name Statement must be filed prior to that date. The filing of this statement does not of itself authorize the use in this state of a Fictitious Business Name in violation of the rights of another under Federal, State, or common law (See section 14411 et seq, Business and Professions Code). Publish: Mountain Views News Dates Pub: April 30, May 07, 14, 21, 2016

FICTITIOUS BUSINESS NAME STATEMENT FILE NO. 2016-105191

The following person(s) is (are) doing business as: [trade name], [business address], Los Angeles County. Full name of registrant(s) is (are) [registrant], [address]. This Business is conducted by: AN INDIVIDUAL. Signed: [registrant]. This statement was filed with the County Clerk of Los Angeles County on 04/25/2016. The registrant(s) has (have) commenced to transact business under the fictitious business name or names listed above on N/A. NOTICE- This Fictitious Name Statement expires five years from the date it was filed in the office of the County Clerk. A new Fictitious Business Name Statement must be filed prior to that date. The filing of this statement does not of itself authorize the use in this state of a Fictitious Business Name in violation of the rights of another under Federal, State, or common law (See section 14411 et seq, Business and Professions Code). Publish: Mountain Views News Dates Pub: April 30, May 07, 14, 21, 2016

FICTITIOUS BUSINESS NAME STATEMENT FILE NO. 2016-098002

The following person(s) is (are) doing business as: [trade name], [business address], Los Angeles County. Full name of registrant(s) is (are) [registrant], [address]. This Business is conducted by: AN INDIVIDUAL. Signed: [registrant]. This statement was filed with the County Clerk of Los Angeles County on 04/25/2016. The registrant(s) has (have) commenced to transact business under the fictitious business name or names listed above on N/A. NOTICE- This Fictitious Name Statement expires five years from the date it was filed in the office of the County Clerk. A new Fictitious Business Name Statement must be filed prior to that date. The filing of this statement does not of itself authorize the use in this state of a Fictitious Business Name in violation of the rights of another under Federal, State, or common law (See section 14411 et seq, Business and Professions Code). Publish: Mountain Views News Dates Pub: April 30, May 07, 14, 21, 2016

FICTITIOUS BUSINESS NAME STATEMENT FILE NO. 2016-103669

The following person(s) is (are) doing business as: [trade name], [business address], Los Angeles County. Full name of registrant(s) is (are) [registrant], [address]. This Business is conducted by: AN INDIVIDUAL. Signed: [registrant]. This statement was filed with the County Clerk of Los Angeles County on 04/25/2016. The registrant(s) has (have) commenced to transact business under the fictitious business name or names listed above on N/A. NOTICE- This Fictitious Name Statement expires five years from the date it was filed in the office of the County Clerk. A new Fictitious Business Name Statement must be filed prior to that date. The filing of this statement does not of itself authorize the use in this state of a Fictitious Business Name in violation of the rights of another under Federal, State, or common law (See section 14411 et seq, Business and Professions Code). Publish: Mountain Views News Dates Pub: April 30, May 07, 14, 21, 2016

FICTITIOUS BUSINESS NAME STATEMENT FILE NO. 2016-100809

The following person(s) is (are) doing business as: [trade name], [business address], Los Angeles County. Full name of registrant(s) is (are) [registrant], [address]. This Business is conducted by: AN INDIVIDUAL. Signed: [registrant]. This statement was filed with the County Clerk of Los Angeles County on 04/25/2016. The registrant(s) has (have) commenced to transact business under the fictitious business name or names listed above on N/A. NOTICE- This Fictitious Name Statement expires five years from the date it was filed in the office of the County Clerk. A new Fictitious Business Name Statement must be filed prior to that date. The filing of this statement does not of itself authorize the use in this state of a Fictitious Business Name in violation of the rights of another under Federal, State, or common law (See section 14411 et seq, Business and Professions Code). Publish: Mountain Views News Dates Pub: April 30, May 07, 14, 21, 2016

FICTITIOUS BUSINESS NAME STATEMENT FILE NO. 2016-104341

The following person(s) is (are) doing business as: [trade name], [business address], Los Angeles County. Full name of registrant(s) is (are) [registrant], [address]. This Business is conducted by: AN INDIVIDUAL. Signed: [registrant]. This statement was filed with the County Clerk of Los Angeles County on 04/25/2016. The registrant(s) has (have) commenced to transact business under the fictitious business name or names listed above on N/A. NOTICE- This Fictitious Name Statement expires five years from the date it was filed in the office of the County Clerk. A new Fictitious Business Name Statement must be filed prior to that date. The filing of this statement does not of itself authorize the use in this state of a Fictitious Business Name in violation of the rights of another under Federal, State, or common law (See section 14411 et seq, Business and Professions Code). Publish: Mountain Views News Dates Pub: April 30, May 07, 14, 21, 2016

FICTITIOUS BUSINESS NAME STATEMENT FILE NO. 2016-101277

The following person(s) is (are) doing business as: [trade name], [business address], Los Angeles County. Full name of registrant(s) is (are) [registrant], [address]. This Business is conducted by: AN INDIVIDUAL. Signed: [registrant]. This statement was filed with the County Clerk of Los Angeles County on 04/25/2016. The registrant(s) has (have) commenced to transact business under the fictitious business name or names listed above on N/A. NOTICE- This Fictitious Name Statement expires five years from the date it was filed in the office of the County Clerk. A new Fictitious Business Name Statement must be filed prior to that date. The filing of this statement does not of itself authorize the use in this state of a Fictitious Business Name in violation of the rights of another under Federal, State, or common law (See section 14411 et seq, Business and Professions Code). Publish: Mountain Views News Dates Pub: April 30, May 07, 14, 21, 2016

FICTITIOUS BUSINESS NAME STATEMENT FILE NO. 2016-098642

The following person(s) is (are) doing business as: [trade name], [business address], Los Angeles County. Full name of registrant(s) is (are) [registrant], [address]. This Business is conducted by: AN INDIVIDUAL. Signed: [registrant]. This statement was filed with the County Clerk of Los Angeles County on 04/25/2016. The registrant(s) has (have) commenced to transact business under the fictitious business name or names listed above on N/A. NOTICE- This Fictitious Name Statement expires five years from the date it was filed in the office of the County Clerk. A new Fictitious Business Name Statement must be filed prior to that date. The filing of this statement does not of itself authorize the use in this state of a Fictitious Business Name in violation of the rights of another under Federal, State, or common law (See section 14411 et seq, Business and Professions Code). Publish: Mountain Views News Dates Pub: April 30, May 07, 14, 21, 2016

Mountain Views News 80 W Sierra Madre Blvd. No. 327 Sierra Madre, Ca. 91024 Office: 626.355.2737 Fax: 626.609.3285 Email: editor@mtnviewsnews.com Website: www.mtnviewsnews.com
